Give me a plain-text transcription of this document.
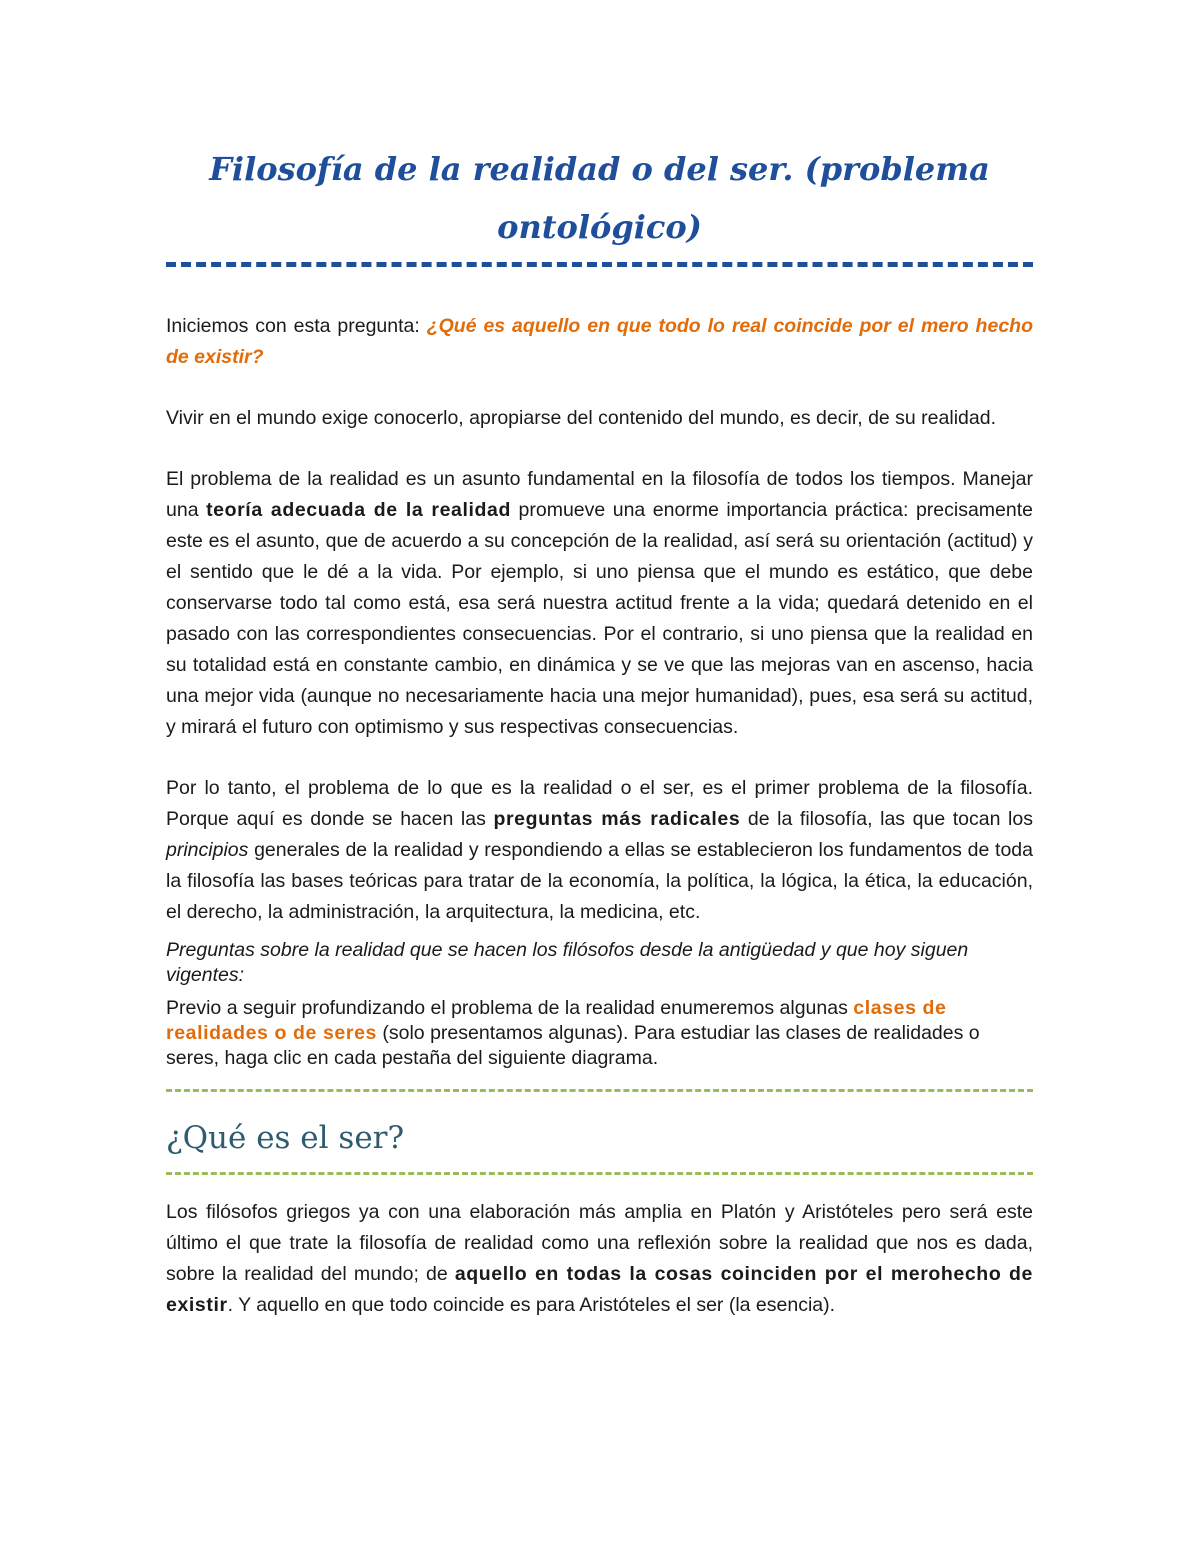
Filosofía de la realidad o del ser. (problema ontológico)

Iniciemos con esta pregunta: ¿Qué es aquello en que todo lo real coincide por el mero hecho de existir?

Vivir en el mundo exige conocerlo, apropiarse del contenido del mundo, es decir, de su realidad.

El problema de la realidad es un asunto fundamental en la filosofía de todos los tiempos. Manejar una teoría adecuada de la realidad promueve una enorme importancia práctica: precisamente este es el asunto, que de acuerdo a su concepción de la realidad, así será su orientación (actitud) y el sentido que le dé a la vida. Por ejemplo, si uno piensa que el mundo es estático, que debe conservarse todo tal como está, esa será nuestra actitud frente a la vida; quedará detenido en el pasado con las correspondientes consecuencias. Por el contrario, si uno piensa que la realidad en su totalidad está en constante cambio, en dinámica y se ve que las mejoras van en ascenso, hacia una mejor vida (aunque no necesariamente hacia una mejor humanidad), pues, esa será su actitud, y mirará el futuro con optimismo y sus respectivas consecuencias.

Por lo tanto, el problema de lo que es la realidad o el ser, es el primer problema de la filosofía. Porque aquí es donde se hacen las preguntas más radicales de la filosofía, las que tocan los principios generales de la realidad y respondiendo a ellas se establecieron los fundamentos de toda la filosofía las bases teóricas para tratar de la economía, la política, la lógica, la ética, la educación, el derecho, la administración, la arquitectura, la medicina, etc.

Preguntas sobre la realidad que se hacen los filósofos desde la antigüedad y que hoy siguen vigentes:

Previo a seguir profundizando el problema de la realidad enumeremos algunas clases de realidades o de seres (solo presentamos algunas). Para estudiar las clases de realidades o seres, haga clic en cada pestaña del siguiente diagrama.

¿Qué es el ser?

Los filósofos griegos ya con una elaboración más amplia en Platón y Aristóteles pero será este último el que trate la filosofía de realidad como una reflexión sobre la realidad que nos es dada, sobre la realidad del mundo; de aquello en todas la cosas coinciden por el merohecho de existir. Y aquello en que todo coincide es para Aristóteles el ser (la esencia).
